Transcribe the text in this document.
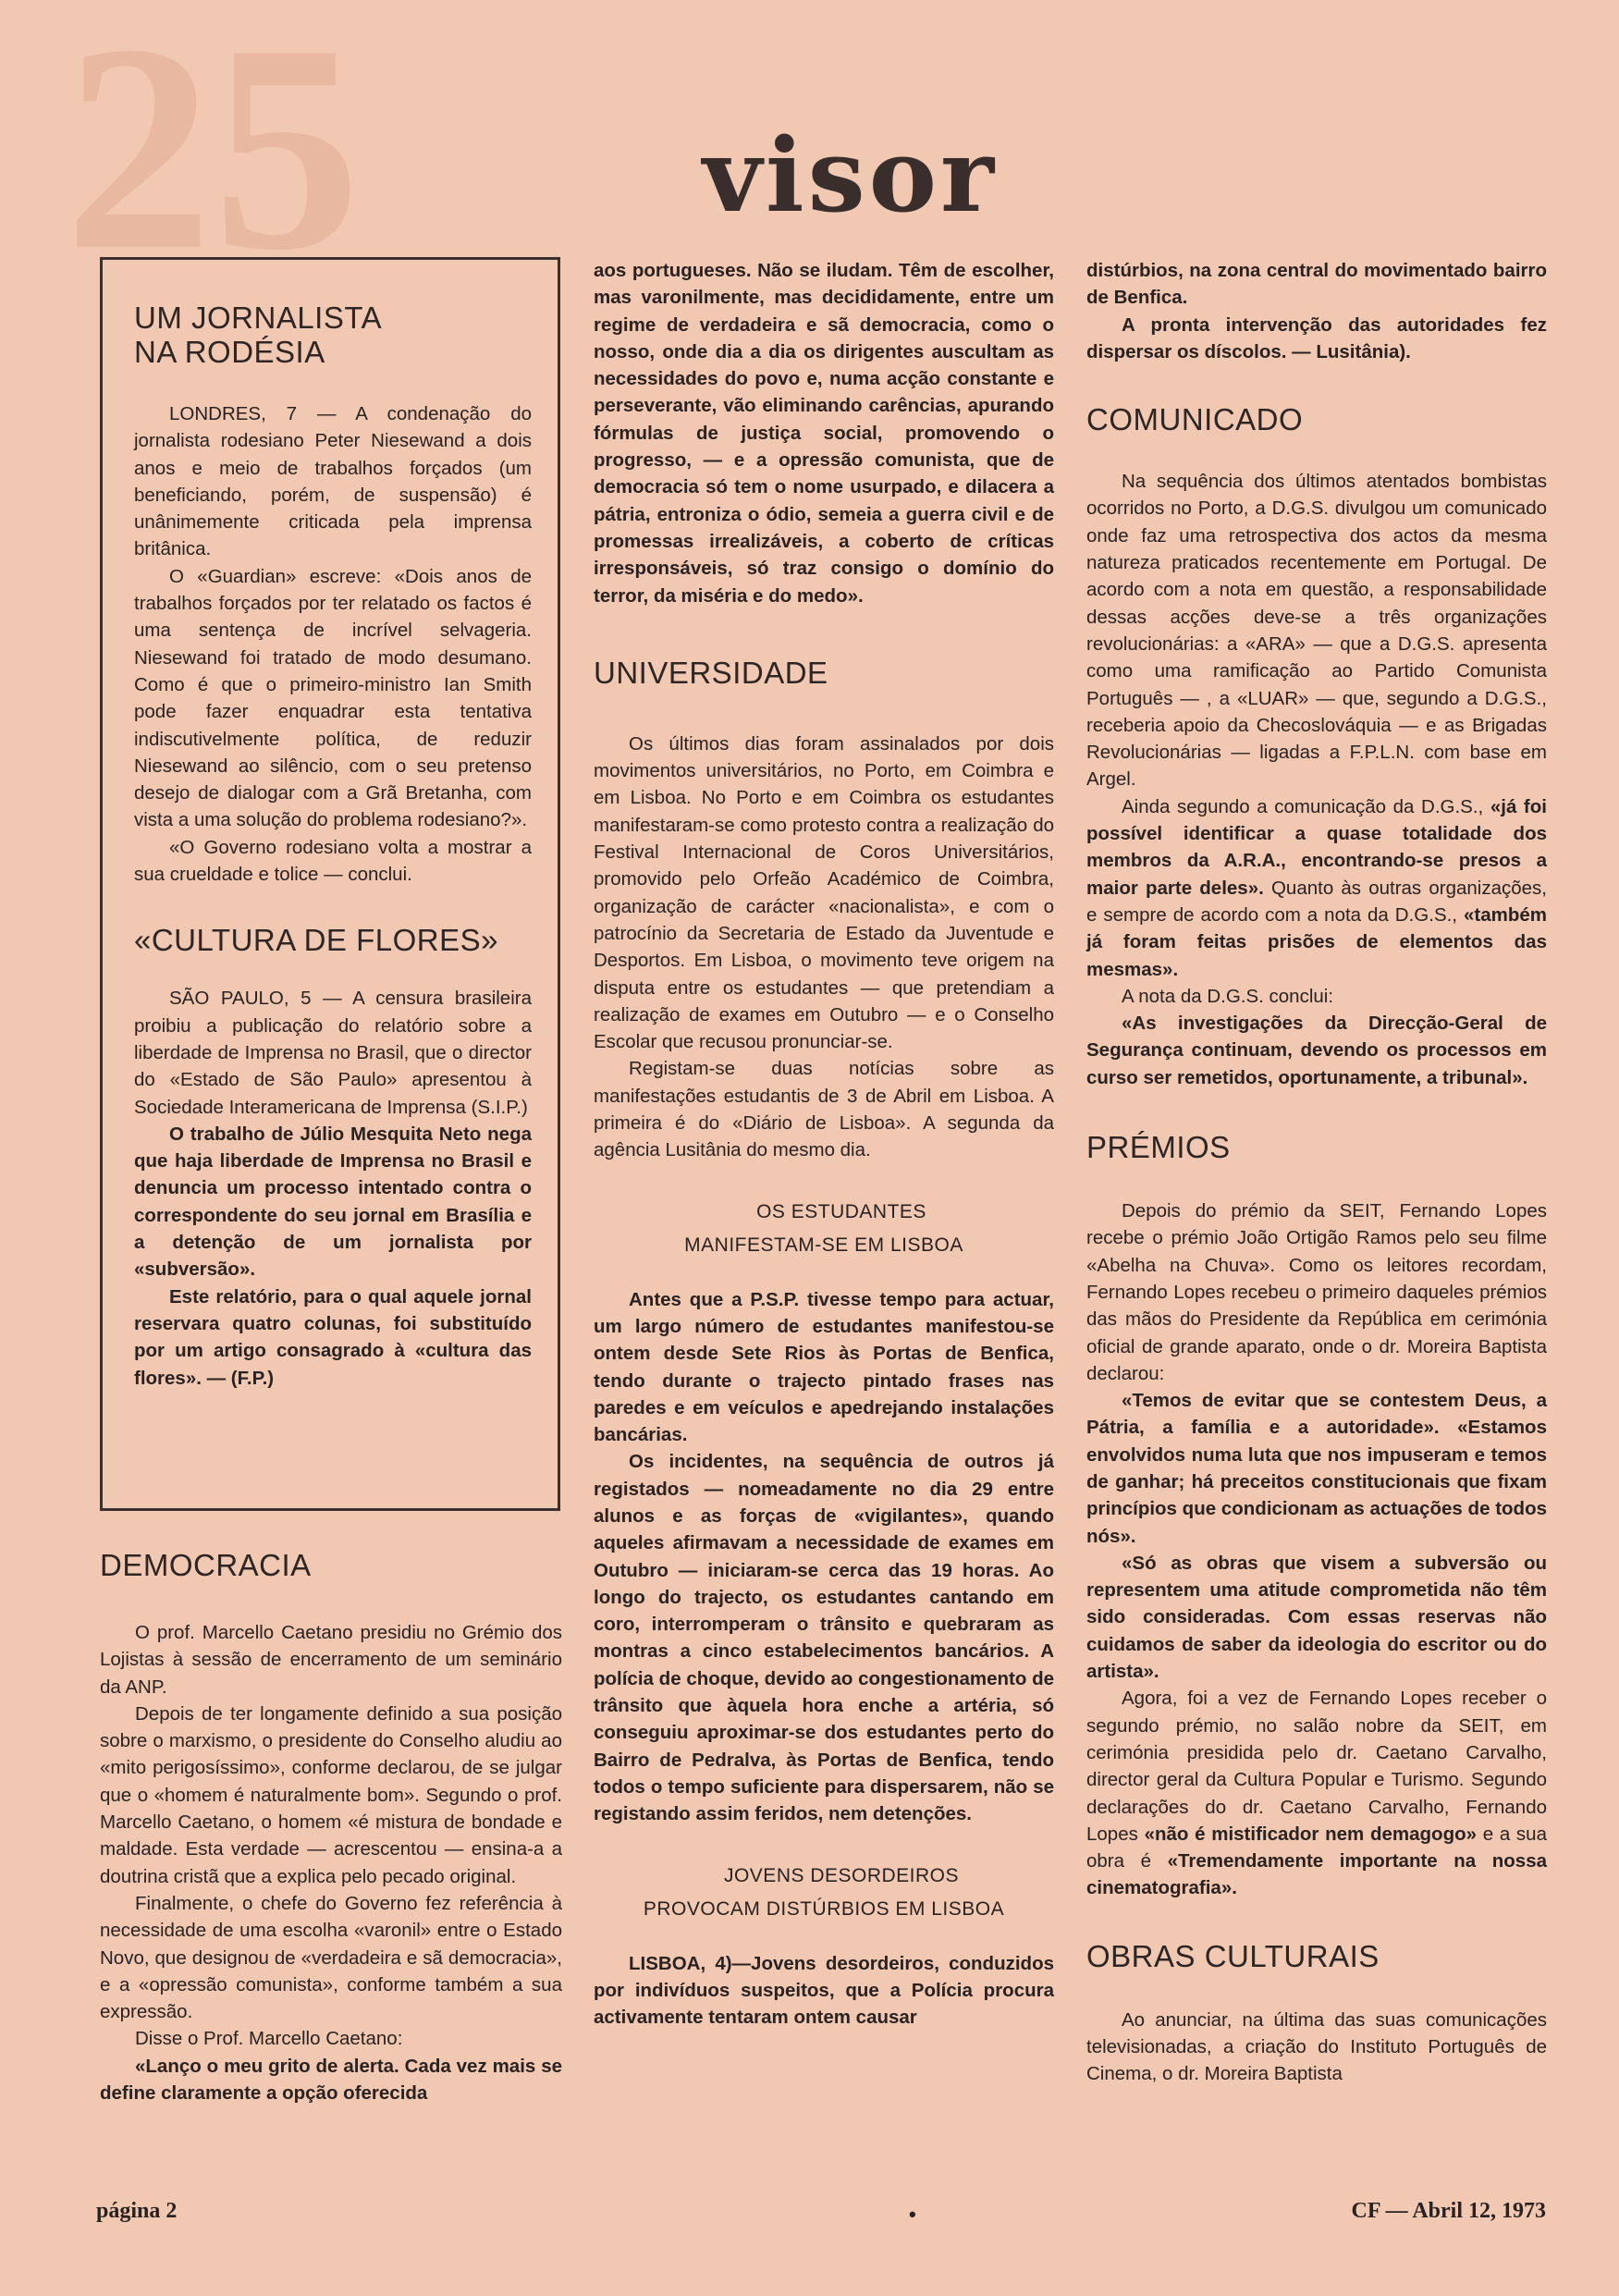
25	visor
UM JORNALISTA
NA RODÉSIA

LONDRES, 7 — A condenação do jornalista rodesiano Peter Niesewand a dois anos e meio de trabalhos forçados (um beneficiando, porém, de suspensão) é unânimemente criticada pela imprensa britânica.

O «Guardian» escreve: «Dois anos de trabalhos forçados por ter relatado os factos é uma sentença de incrível selvageria. Niesewand foi tratado de modo desumano. Como é que o primeiro-ministro Ian Smith pode fazer enquadrar esta tentativa indiscutivelmente política, de reduzir Niesewand ao silêncio, com o seu pretenso desejo de dialogar com a Grã Bretanha, com vista a uma solução do problema rodesiano?».

«O Governo rodesiano volta a mostrar a sua crueldade e tolice — conclui.

«CULTURA DE FLORES»

SÃO PAULO, 5 — A censura brasileira proibiu a publicação do relatório sobre a liberdade de Imprensa no Brasil, que o director do «Estado de São Paulo» apresentou à Sociedade Interamericana de Imprensa (S.I.P.)

O trabalho de Júlio Mesquita Neto nega que haja liberdade de Imprensa no Brasil e denuncia um processo intentado contra o correspondente do seu jornal em Brasília e a detenção de um jornalista por «subversão».

Este relatório, para o qual aquele jornal reservara quatro colunas, foi substituído por um artigo consagrado à «cultura das flores». — (F.P.)

DEMOCRACIA

O prof. Marcello Caetano presidiu no Grémio dos Lojistas à sessão de encerramento de um seminário da ANP.

Depois de ter longamente definido a sua posição sobre o marxismo, o presidente do Conselho aludiu ao «mito perigosíssimo», conforme declarou, de se julgar que o «homem é naturalmente bom». Segundo o prof. Marcello Caetano, o homem «é mistura de bondade e maldade. Esta verdade — acrescentou — ensina-a a doutrina cristã que a explica pelo pecado original.

Finalmente, o chefe do Governo fez referência à necessidade de uma escolha «varonil» entre o Estado Novo, que designou de «verdadeira e sã democracia», e a «opressão comunista», conforme também a sua expressão.

Disse o Prof. Marcello Caetano:

«Lanço o meu grito de alerta. Cada vez mais se define claramente a opção oferecida

aos portugueses. Não se iludam. Têm de escolher, mas varonilmente, mas decididamente, entre um regime de verdadeira e sã democracia, como o nosso, onde dia a dia os dirigentes auscultam as necessidades do povo e, numa acção constante e perseverante, vão eliminando carências, apurando fórmulas de justiça social, promovendo o progresso, — e a opressão comunista, que de democracia só tem o nome usurpado, e dilacera a pátria, entroniza o ódio, semeia a guerra civil e de promessas irrealizáveis, a coberto de críticas irresponsáveis, só traz consigo o domínio do terror, da miséria e do medo».

UNIVERSIDADE

Os últimos dias foram assinalados por dois movimentos universitários, no Porto, em Coimbra e em Lisboa. No Porto e em Coimbra os estudantes manifestaram-se como protesto contra a realização do Festival Internacional de Coros Universitários, promovido pelo Orfeão Académico de Coimbra, organização de carácter «nacionalista», e com o patrocínio da Secretaria de Estado da Juventude e Desportos. Em Lisboa, o movimento teve origem na disputa entre os estudantes — que pretendiam a realização de exames em Outubro — e o Conselho Escolar que recusou pronunciar-se.

Registam-se duas notícias sobre as manifestações estudantis de 3 de Abril em Lisboa. A primeira é do «Diário de Lisboa». A segunda da agência Lusitânia do mesmo dia.

OS ESTUDANTES
MANIFESTAM-SE EM LISBOA

Antes que a P.S.P. tivesse tempo para actuar, um largo número de estudantes manifestou-se ontem desde Sete Rios às Portas de Benfica, tendo durante o trajecto pintado frases nas paredes e em veículos e apedrejando instalações bancárias.

Os incidentes, na sequência de outros já registados — nomeadamente no dia 29 entre alunos e as forças de «vigilantes», quando aqueles afirmavam a necessidade de exames em Outubro — iniciaram-se cerca das 19 horas. Ao longo do trajecto, os estudantes cantando em coro, interromperam o trânsito e quebraram as montras a cinco estabelecimentos bancários. A polícia de choque, devido ao congestionamento de trânsito que àquela hora enche a artéria, só conseguiu aproximar-se dos estudantes perto do Bairro de Pedralva, às Portas de Benfica, tendo todos o tempo suficiente para dispersarem, não se registando assim feridos, nem detenções.

JOVENS DESORDEIROS
PROVOCAM DISTÚRBIOS EM LISBOA

LISBOA, 4)—Jovens desordeiros, conduzidos por indivíduos suspeitos, que a Polícia procura activamente tentaram ontem causar

distúrbios, na zona central do movimentado bairro de Benfica.

A pronta intervenção das autoridades fez dispersar os díscolos. — Lusitânia).

COMUNICADO

Na sequência dos últimos atentados bombistas ocorridos no Porto, a D.G.S. divulgou um comunicado onde faz uma retrospectiva dos actos da mesma natureza praticados recentemente em Portugal. De acordo com a nota em questão, a responsabilidade dessas acções deve-se a três organizações revolucionárias: a «ARA» — que a D.G.S. apresenta como uma ramificação ao Partido Comunista Português — , a «LUAR» — que, segundo a D.G.S., receberia apoio da Checoslováquia — e as Brigadas Revolucionárias — ligadas a F.P.L.N. com base em Argel.

Ainda segundo a comunicação da D.G.S., «já foi possível identificar a quase totalidade dos membros da A.R.A., encontrando-se presos a maior parte deles». Quanto às outras organizações, e sempre de acordo com a nota da D.G.S., «também já foram feitas prisões de elementos das mesmas».

A nota da D.G.S. conclui:

«As investigações da Direcção-Geral de Segurança continuam, devendo os processos em curso ser remetidos, oportunamente, a tribunal».

PRÉMIOS

Depois do prémio da SEIT, Fernando Lopes recebe o prémio João Ortigão Ramos pelo seu filme «Abelha na Chuva». Como os leitores recordam, Fernando Lopes recebeu o primeiro daqueles prémios das mãos do Presidente da República em cerimónia oficial de grande aparato, onde o dr. Moreira Baptista declarou:

«Temos de evitar que se contestem Deus, a Pátria, a família e a autoridade». «Estamos envolvidos numa luta que nos impuseram e temos de ganhar; há preceitos constitucionais que fixam princípios que condicionam as actuações de todos nós».

«Só as obras que visem a subversão ou representem uma atitude comprometida não têm sido consideradas. Com essas reservas não cuidamos de saber da ideologia do escritor ou do artista».

Agora, foi a vez de Fernando Lopes receber o segundo prémio, no salão nobre da SEIT, em cerimónia presidida pelo dr. Caetano Carvalho, director geral da Cultura Popular e Turismo. Segundo declarações do dr. Caetano Carvalho, Fernando Lopes «não é mistificador nem demagogo» e a sua obra é «Tremendamente importante na nossa cinematografia».

OBRAS CULTURAIS

Ao anunciar, na última das suas comunicações televisionadas, a criação do Instituto Português de Cinema, o dr. Moreira Baptista

página 2	•	CF — Abril 12, 1973
